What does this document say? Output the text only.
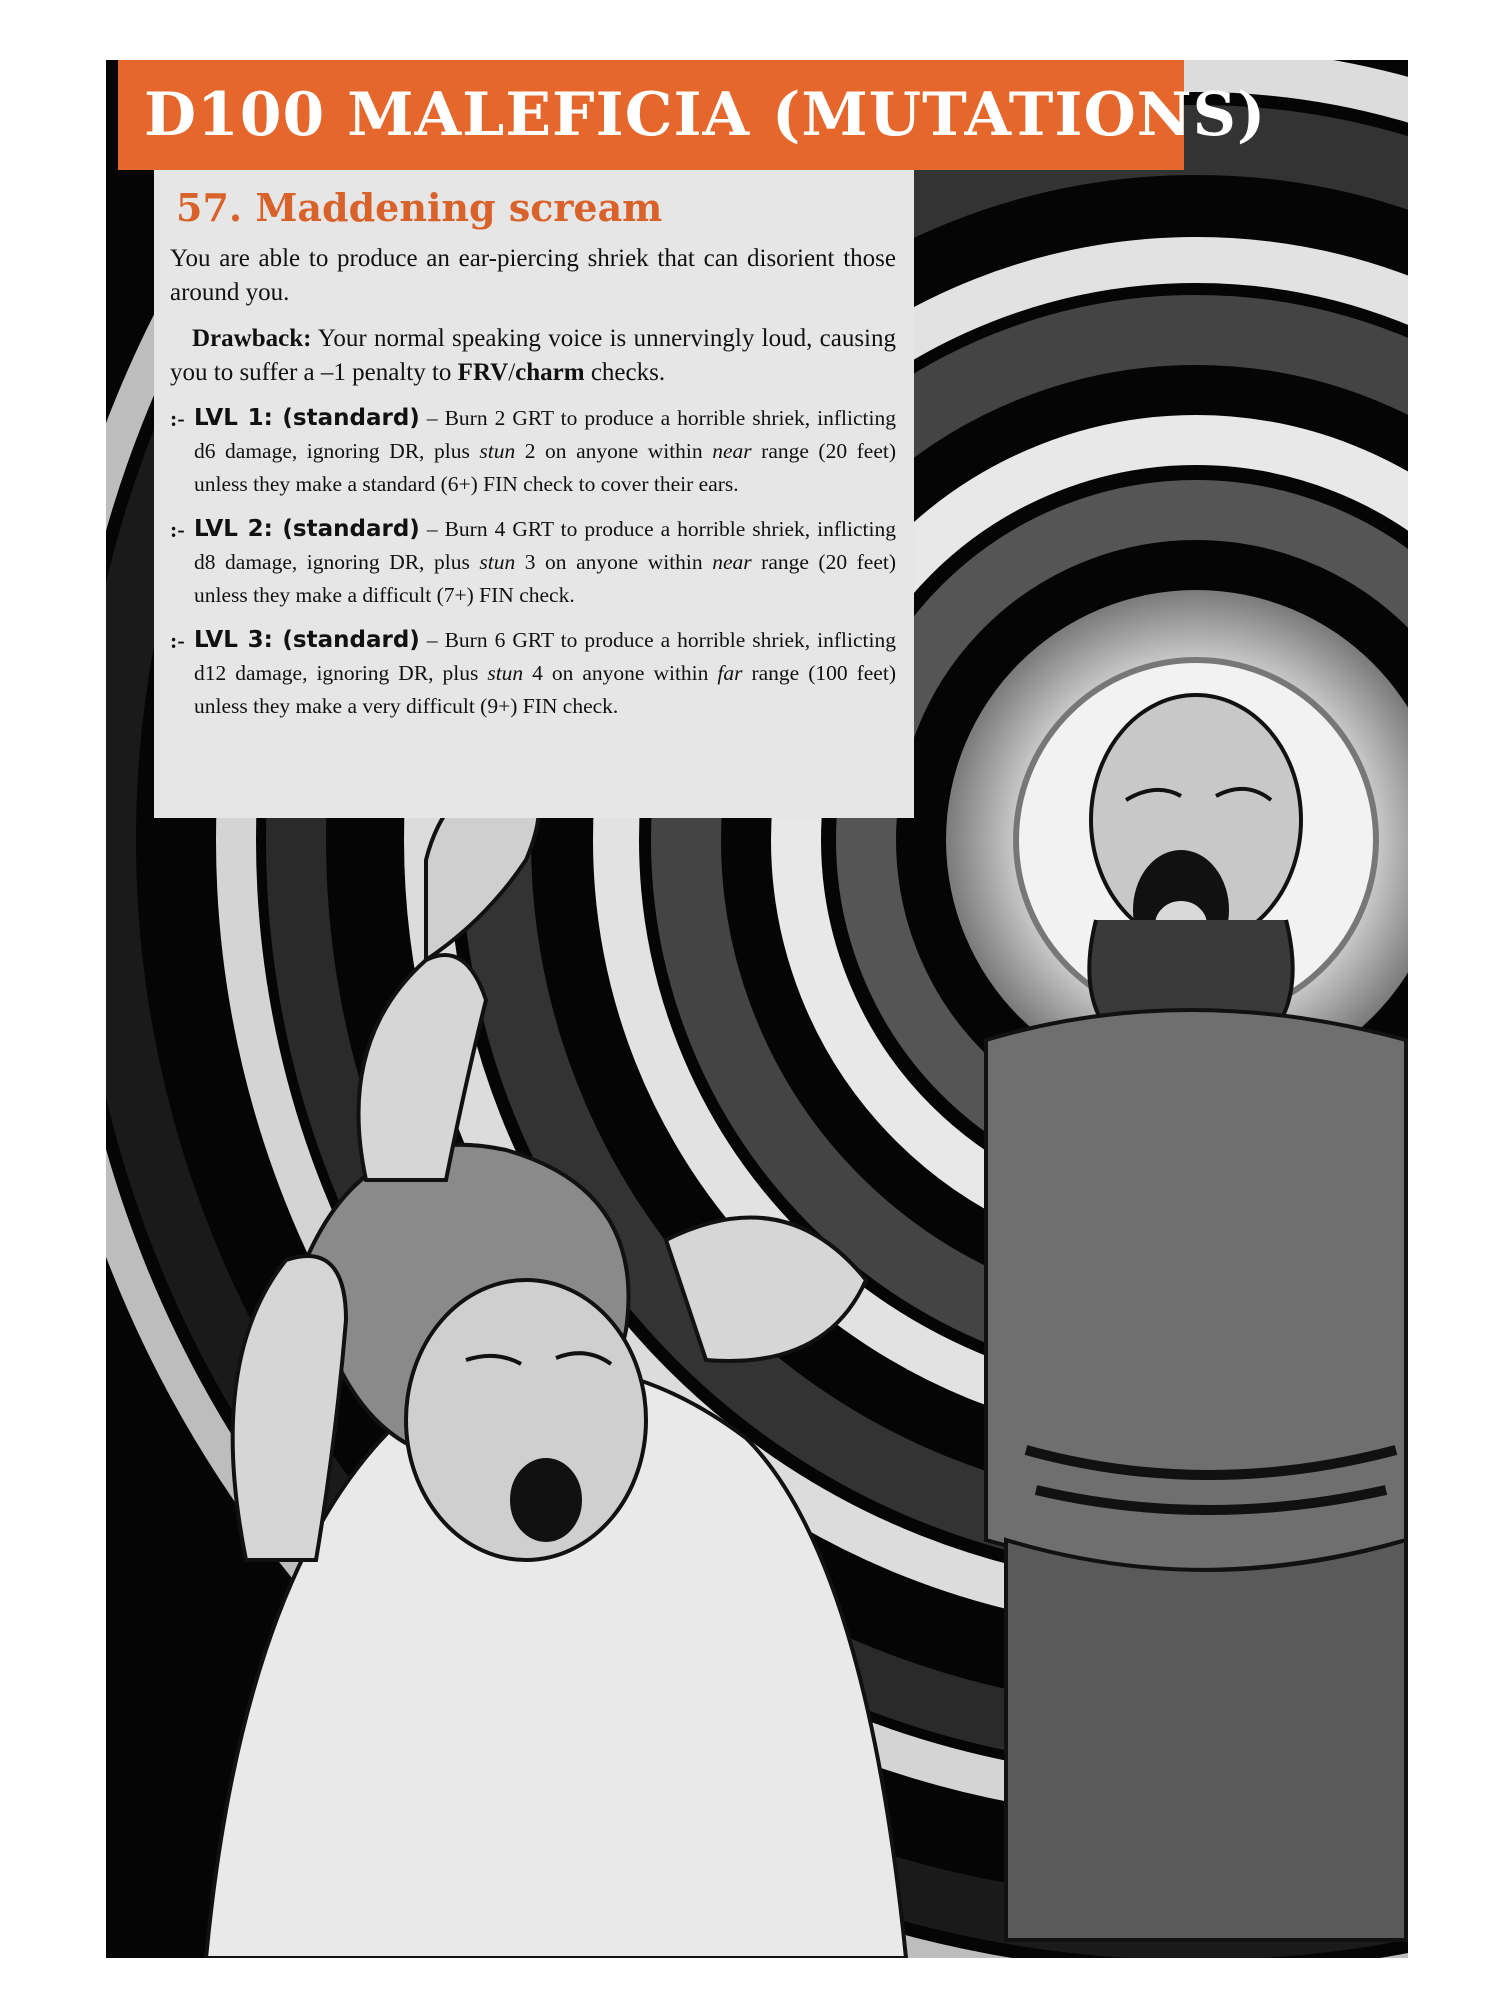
D100 MALEFICIA (MUTATIONS)
57. Maddening scream

You are able to produce an ear-piercing shriek that can disorient those around you.

Drawback: Your normal speaking voice is unnervingly loud, causing you to suffer a –1 penalty to FRV/charm checks.

:- LVL 1: (standard) – Burn 2 GRT to produce a horrible shriek, inflicting d6 damage, ignoring DR, plus stun 2 on anyone within near range (20 feet) unless they make a standard (6+) FIN check to cover their ears.
:- LVL 2: (standard) – Burn 4 GRT to produce a horrible shriek, inflicting d8 damage, ignoring DR, plus stun 3 on anyone within near range (20 feet) unless they make a difficult (7+) FIN check.
:- LVL 3: (standard) – Burn 6 GRT to produce a horrible shriek, inflicting d12 damage, ignoring DR, plus stun 4 on anyone within far range (100 feet) unless they make a very difficult (9+) FIN check.
